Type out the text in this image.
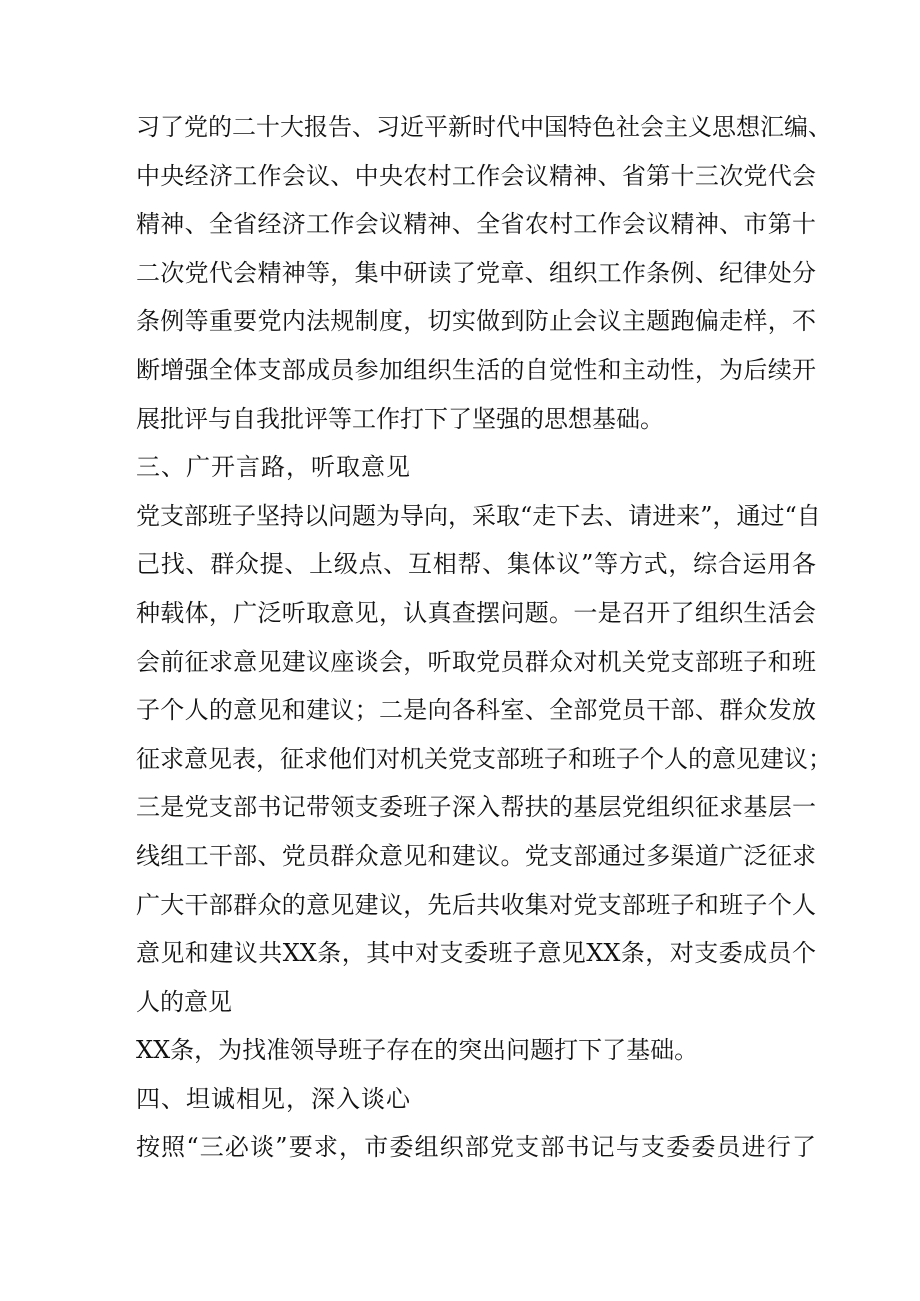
习了党的二十大报告、习近平新时代中国特色社会主义思想汇编、
中央经济工作会议、中央农村工作会议精神、省第十三次党代会
精神、全省经济工作会议精神、全省农村工作会议精神、市第十
二次党代会精神等，集中研读了党章、组织工作条例、纪律处分
条例等重要党内法规制度，切实做到防止会议主题跑偏走样，不
断增强全体支部成员参加组织生活的自觉性和主动性，为后续开
展批评与自我批评等工作打下了坚强的思想基础。
三、广开言路，听取意见
党支部班子坚持以问题为导向，采取“走下去、请进来”，通过“自
己找、群众提、上级点、互相帮、集体议”等方式，综合运用各
种载体，广泛听取意见，认真查摆问题。一是召开了组织生活会
会前征求意见建议座谈会，听取党员群众对机关党支部班子和班
子个人的意见和建议；二是向各科室、全部党员干部、群众发放
征求意见表，征求他们对机关党支部班子和班子个人的意见建议；
三是党支部书记带领支委班子深入帮扶的基层党组织征求基层一
线组工干部、党员群众意见和建议。党支部通过多渠道广泛征求
广大干部群众的意见建议，先后共收集对党支部班子和班子个人
意见和建议共XX条，其中对支委班子意见XX条，对支委成员个
人的意见
XX条，为找准领导班子存在的突出问题打下了基础。
四、坦诚相见，深入谈心
按照“三必谈”要求，市委组织部党支部书记与支委委员进行了
